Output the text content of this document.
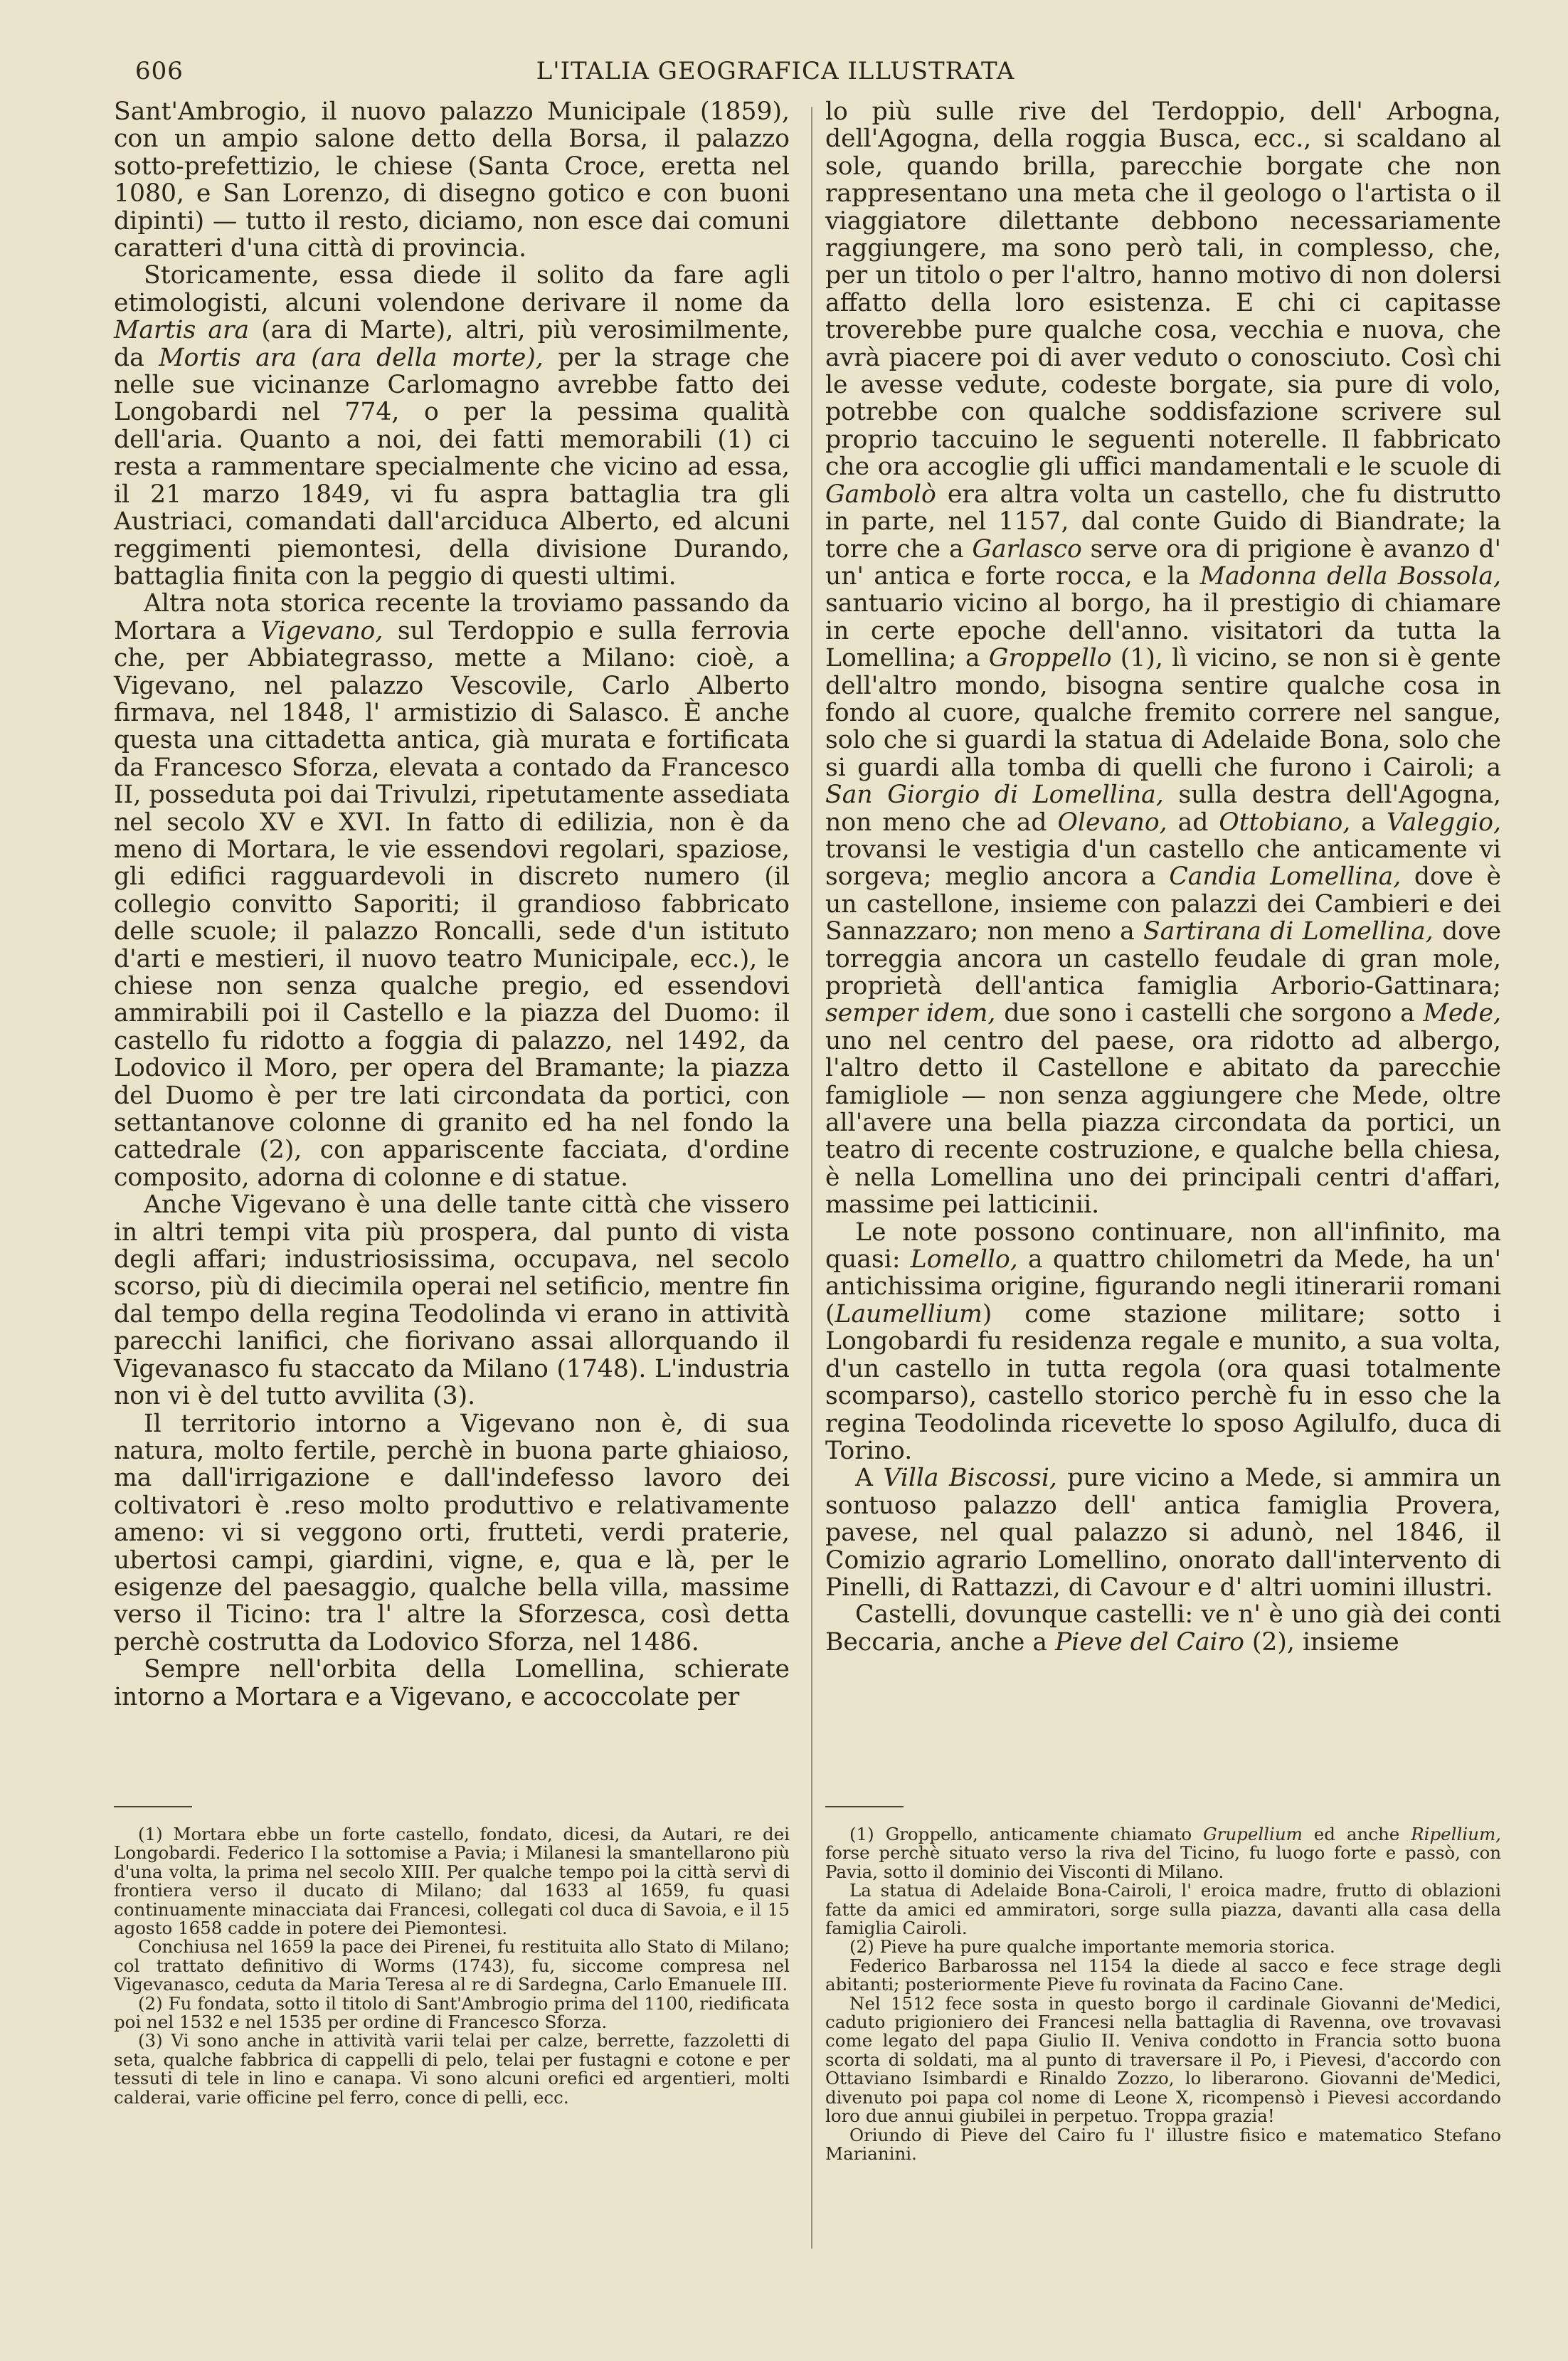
606	L'ITALIA GEOGRAFICA ILLUSTRATA

Sant'Ambrogio, il nuovo palazzo Municipale (1859), con un ampio salone detto della Borsa, il palazzo sotto-prefettizio, le chiese (Santa Croce, eretta nel 1080, e San Lorenzo, di disegno gotico e con buoni dipinti) — tutto il resto, diciamo, non esce dai comuni caratteri d'una città di provincia.

Storicamente, essa diede il solito da fare agli etimologisti, alcuni volendone derivare il nome da Martis ara (ara di Marte), altri, più verosimilmente, da Mortis ara (ara della morte), per la strage che nelle sue vicinanze Carlomagno avrebbe fatto dei Longobardi nel 774, o per la pessima qualità dell'aria. Quanto a noi, dei fatti memorabili (1) ci resta a rammentare specialmente che vicino ad essa, il 21 marzo 1849, vi fu aspra battaglia tra gli Austriaci, comandati dall'arciduca Alberto, ed alcuni reggimenti piemontesi, della divisione Durando, battaglia finita con la peggio di questi ultimi.

Altra nota storica recente la troviamo passando da Mortara a Vigevano, sul Terdoppio e sulla ferrovia che, per Abbiategrasso, mette a Milano: cioè, a Vigevano, nel palazzo Vescovile, Carlo Alberto firmava, nel 1848, l' armistizio di Salasco. È anche questa una cittadetta antica, già murata e fortificata da Francesco Sforza, elevata a contado da Francesco II, posseduta poi dai Trivulzi, ripetutamente assediata nel secolo XV e XVI. In fatto di edilizia, non è da meno di Mortara, le vie essendovi regolari, spaziose, gli edifici ragguardevoli in discreto numero (il collegio convitto Saporiti; il grandioso fabbricato delle scuole; il palazzo Roncalli, sede d'un istituto d'arti e mestieri, il nuovo teatro Municipale, ecc.), le chiese non senza qualche pregio, ed essendovi ammirabili poi il Castello e la piazza del Duomo: il castello fu ridotto a foggia di palazzo, nel 1492, da Lodovico il Moro, per opera del Bramante; la piazza del Duomo è per tre lati circondata da portici, con settantanove colonne di granito ed ha nel fondo la cattedrale (2), con appariscente facciata, d'ordine composito, adorna di colonne e di statue.

Anche Vigevano è una delle tante città che vissero in altri tempi vita più prospera, dal punto di vista degli affari; industriosissima, occupava, nel secolo scorso, più di diecimila operai nel setificio, mentre fin dal tempo della regina Teodolinda vi erano in attività parecchi lanifici, che fiorivano assai allorquando il Vigevanasco fu staccato da Milano (1748). L'industria non vi è del tutto avvilita (3).

Il territorio intorno a Vigevano non è, di sua natura, molto fertile, perchè in buona parte ghiaioso, ma dall'irrigazione e dall'indefesso lavoro dei coltivatori è .reso molto produttivo e relativamente ameno: vi si veggono orti, frutteti, verdi praterie, ubertosi campi, giardini, vigne, e, qua e là, per le esigenze del paesaggio, qualche bella villa, massime verso il Ticino: tra l' altre la Sforzesca, così detta perchè costrutta da Lodovico Sforza, nel 1486.

Sempre nell'orbita della Lomellina, schierate intorno a Mortara e a Vigevano, e accoccolate per

lo più sulle rive del Terdoppio, dell' Arbogna, dell'Agogna, della roggia Busca, ecc., si scaldano al sole, quando brilla, parecchie borgate che non rappresentano una meta che il geologo o l'artista o il viaggiatore dilettante debbono necessariamente raggiungere, ma sono però tali, in complesso, che, per un titolo o per l'altro, hanno motivo di non dolersi affatto della loro esistenza. E chi ci capitasse troverebbe pure qualche cosa, vecchia e nuova, che avrà piacere poi di aver veduto o conosciuto. Così chi le avesse vedute, codeste borgate, sia pure di volo, potrebbe con qualche soddisfazione scrivere sul proprio taccuino le seguenti noterelle. Il fabbricato che ora accoglie gli uffici mandamentali e le scuole di Gambolò era altra volta un castello, che fu distrutto in parte, nel 1157, dal conte Guido di Biandrate; la torre che a Garlasco serve ora di prigione è avanzo d' un' antica e forte rocca, e la Madonna della Bossola, santuario vicino al borgo, ha il prestigio di chiamare in certe epoche dell'anno. visitatori da tutta la Lomellina; a Groppello (1), lì vicino, se non si è gente dell'altro mondo, bisogna sentire qualche cosa in fondo al cuore, qualche fremito correre nel sangue, solo che si guardi la statua di Adelaide Bona, solo che si guardi alla tomba di quelli che furono i Cairoli; a San Giorgio di Lomellina, sulla destra dell'Agogna, non meno che ad Olevano, ad Ottobiano, a Valeggio, trovansi le vestigia d'un castello che anticamente vi sorgeva; meglio ancora a Candia Lomellina, dove è un castellone, insieme con palazzi dei Cambieri e dei Sannazzaro; non meno a Sartirana di Lomellina, dove torreggia ancora un castello feudale di gran mole, proprietà dell'antica famiglia Arborio-Gattinara; semper idem, due sono i castelli che sorgono a Mede, uno nel centro del paese, ora ridotto ad albergo, l'altro detto il Castellone e abitato da parecchie famigliole — non senza aggiungere che Mede, oltre all'avere una bella piazza circondata da portici, un teatro di recente costruzione, e qualche bella chiesa, è nella Lomellina uno dei principali centri d'affari, massime pei latticinii.

Le note possono continuare, non all'infinito, ma quasi: Lomello, a quattro chilometri da Mede, ha un' antichissima origine, figurando negli itinerarii romani (Laumellium) come stazione militare; sotto i Longobardi fu residenza regale e munito, a sua volta, d'un castello in tutta regola (ora quasi totalmente scomparso), castello storico perchè fu in esso che la regina Teodolinda ricevette lo sposo Agilulfo, duca di Torino.

A Villa Biscossi, pure vicino a Mede, si ammira un sontuoso palazzo dell' antica famiglia Provera, pavese, nel qual palazzo si adunò, nel 1846, il Comizio agrario Lomellino, onorato dall'intervento di Pinelli, di Rattazzi, di Cavour e d' altri uomini illustri.

Castelli, dovunque castelli: ve n' è uno già dei conti Beccaria, anche a Pieve del Cairo (2), insieme

(1) Mortara ebbe un forte castello, fondato, dicesi, da Autari, re dei Longobardi. Federico I la sottomise a Pavia; i Milanesi la smantellarono più d'una volta, la prima nel secolo XIII. Per qualche tempo poi la città servì di frontiera verso il ducato di Milano; dal 1633 al 1659, fu quasi continuamente minacciata dai Francesi, collegati col duca di Savoia, e il 15 agosto 1658 cadde in potere dei Piemontesi.

Conchiusa nel 1659 la pace dei Pirenei, fu restituita allo Stato di Milano; col trattato definitivo di Worms (1743), fu, siccome compresa nel Vigevanasco, ceduta da Maria Teresa al re di Sardegna, Carlo Emanuele III.

(2) Fu fondata, sotto il titolo di Sant'Ambrogio prima del 1100, riedificata poi nel 1532 e nel 1535 per ordine di Francesco Sforza.

(3) Vi sono anche in attività varii telai per calze, berrette, fazzoletti di seta, qualche fabbrica di cappelli di pelo, telai per fustagni e cotone e per tessuti di tele in lino e canapa. Vi sono alcuni orefici ed argentieri, molti calderai, varie officine pel ferro, conce di pelli, ecc.

(1) Groppello, anticamente chiamato Grupellium ed anche Ripellium, forse perchè situato verso la riva del Ticino, fu luogo forte e passò, con Pavia, sotto il dominio dei Visconti di Milano.

La statua di Adelaide Bona-Cairoli, l' eroica madre, frutto di oblazioni fatte da amici ed ammiratori, sorge sulla piazza, davanti alla casa della famiglia Cairoli.

(2) Pieve ha pure qualche importante memoria storica.

Federico Barbarossa nel 1154 la diede al sacco e fece strage degli abitanti; posteriormente Pieve fu rovinata da Facino Cane.

Nel 1512 fece sosta in questo borgo il cardinale Giovanni de'Medici, caduto prigioniero dei Francesi nella battaglia di Ravenna, ove trovavasi come legato del papa Giulio II. Veniva condotto in Francia sotto buona scorta di soldati, ma al punto di traversare il Po, i Pievesi, d'accordo con Ottaviano Isimbardi e Rinaldo Zozzo, lo liberarono. Giovanni de'Medici, divenuto poi papa col nome di Leone X, ricompensò i Pievesi accordando loro due annui giubilei in perpetuo. Troppa grazia!

Oriundo di Pieve del Cairo fu l' illustre fisico e matematico Stefano Marianini.
